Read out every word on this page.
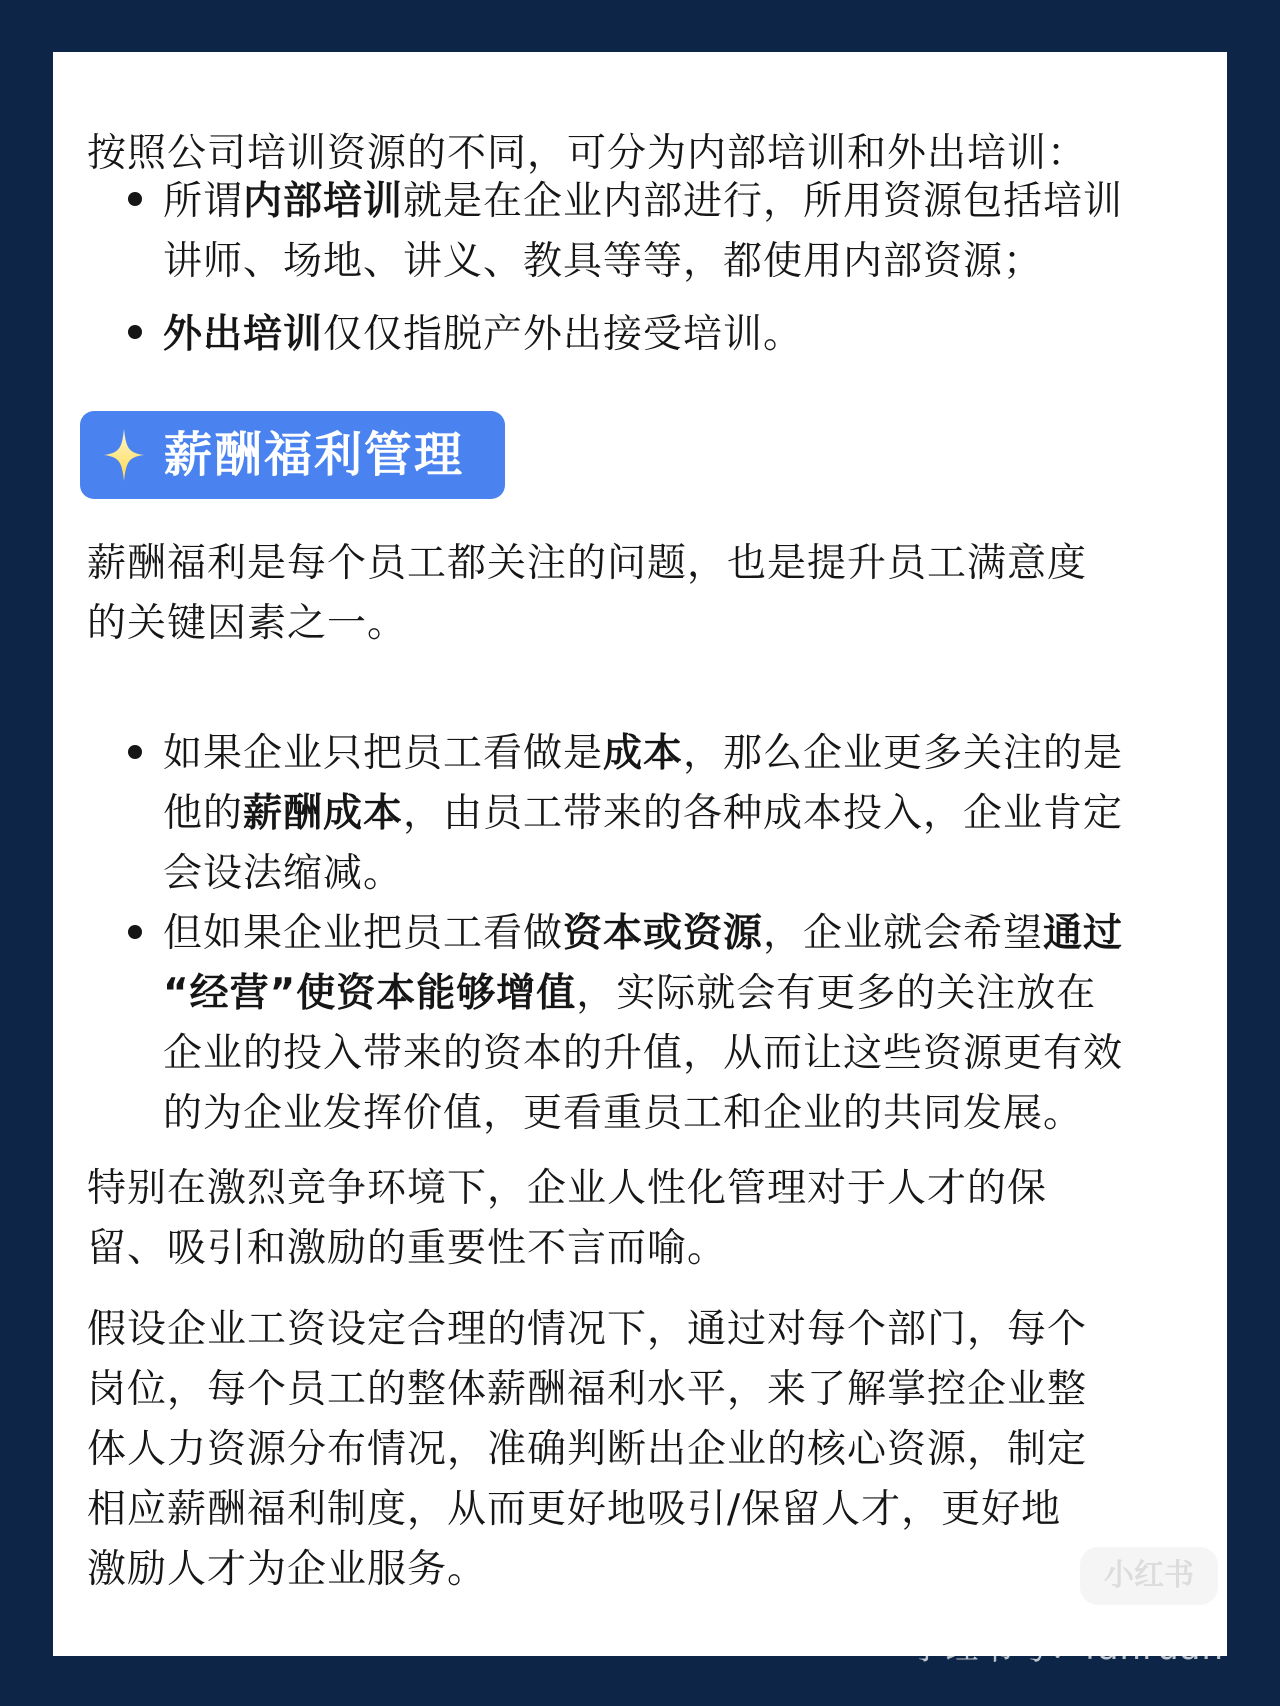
按照公司培训资源的不同，可分为内部培训和外出培训：
所谓内部培训就是在企业内部进行，所用资源包括培训
讲师、场地、讲义、教具等等，都使用内部资源；
外出培训仅仅指脱产外出接受培训。
薪酬福利管理
薪酬福利是每个员工都关注的问题，也是提升员工满意度
的关键因素之一。
如果企业只把员工看做是成本，那么企业更多关注的是
他的薪酬成本，由员工带来的各种成本投入，企业肯定
会设法缩减。
但如果企业把员工看做资本或资源，企业就会希望通过
“经营”使资本能够增值，实际就会有更多的关注放在
企业的投入带来的资本的升值，从而让这些资源更有效
的为企业发挥价值，更看重员工和企业的共同发展。
特别在激烈竞争环境下，企业人性化管理对于人才的保
留、吸引和激励的重要性不言而喻。
假设企业工资设定合理的情况下，通过对每个部门，每个
岗位，每个员工的整体薪酬福利水平，来了解掌控企业整
体人力资源分布情况，准确判断出企业的核心资源，制定
相应薪酬福利制度，从而更好地吸引/保留人才，更好地
激励人才为企业服务。	小红书
小红书号：fanruan
